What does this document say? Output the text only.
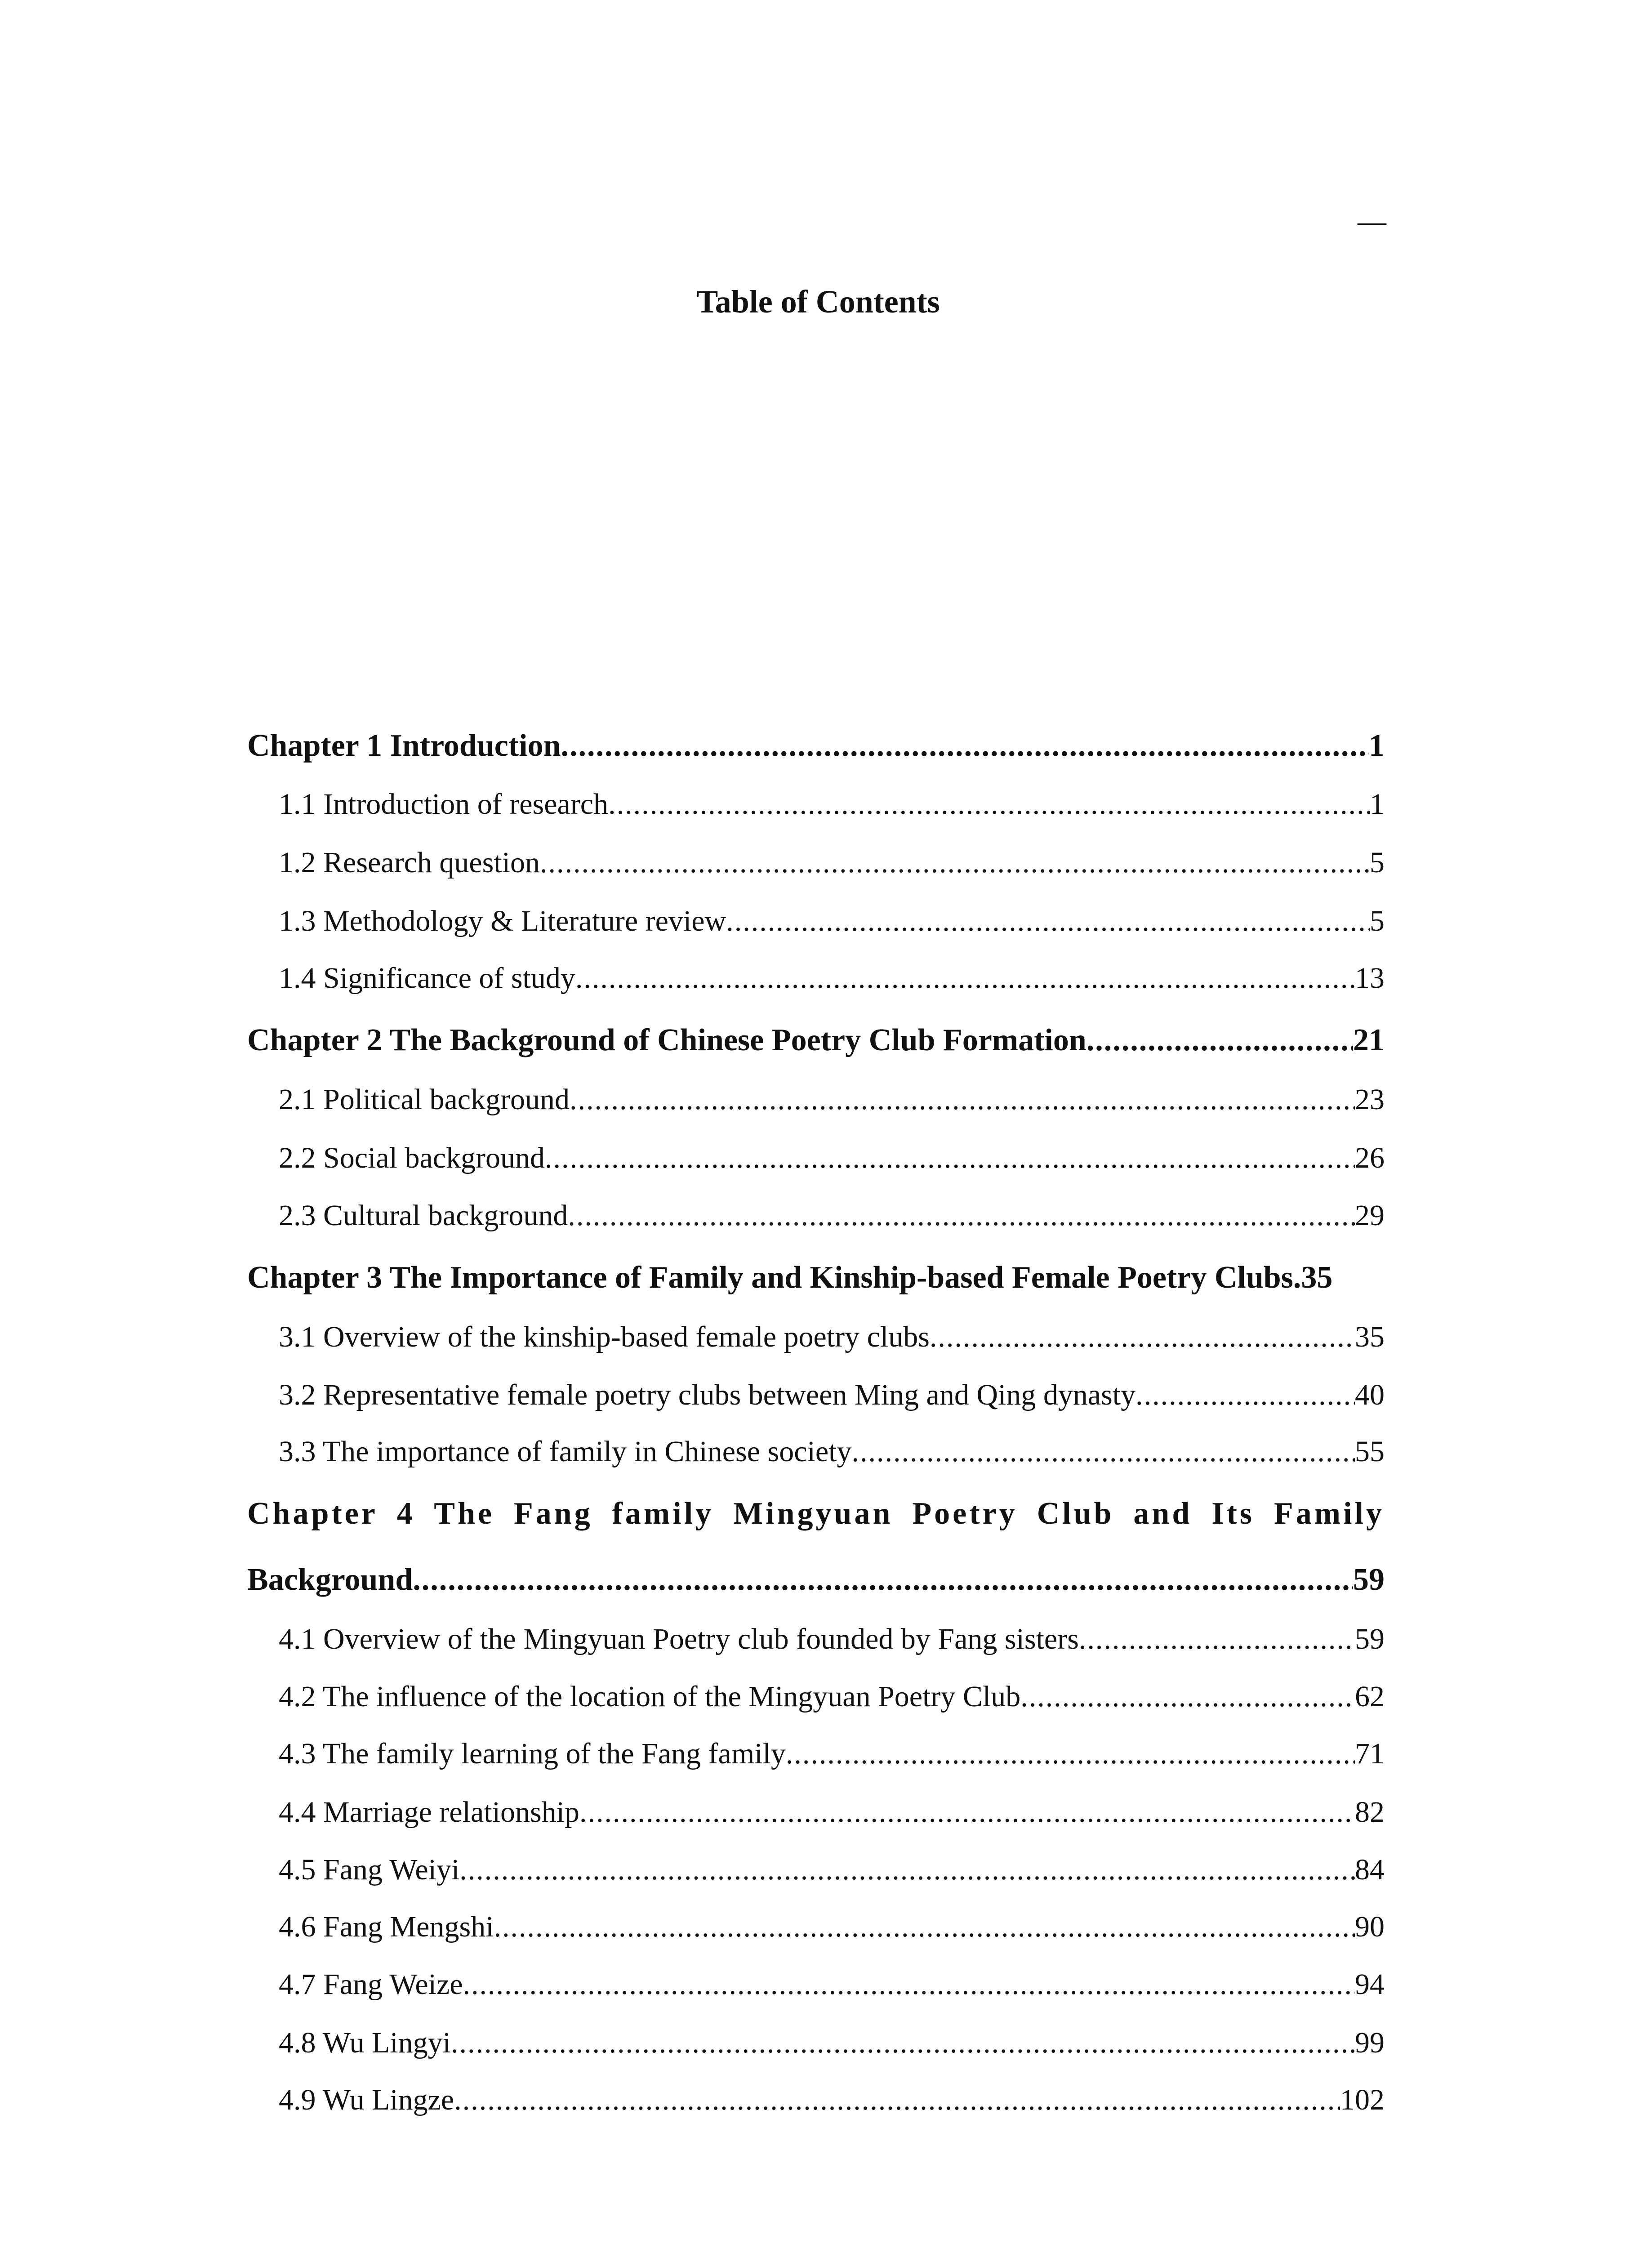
—
Table of Contents
Chapter 1 Introduction .....	1
1.1 Introduction of research .....	1
1.2 Research question .....	5
1.3 Methodology & Literature review .....	5
1.4 Significance of study .....	13
Chapter 2 The Background of Chinese Poetry Club Formation .....	21
2.1 Political background .....	23
2.2 Social background .....	26
2.3 Cultural background .....	29
Chapter 3 The Importance of Family and Kinship-based Female Poetry Clubs. 35
3.1 Overview of the kinship-based female poetry clubs .....	35
3.2 Representative female poetry clubs between Ming and Qing dynasty .....	40
3.3 The importance of family in Chinese society .....	55
Chapter 4 The Fang family Mingyuan Poetry Club and Its Family
Background .....	59
4.1 Overview of the Mingyuan Poetry club founded by Fang sisters .....	59
4.2 The influence of the location of the Mingyuan Poetry Club .....	62
4.3 The family learning of the Fang family .....	71
4.4 Marriage relationship .....	82
4.5 Fang Weiyi .....	84
4.6 Fang Mengshi .....	90
4.7 Fang Weize .....	94
4.8 Wu Lingyi .....	99
4.9 Wu Lingze .....	102
